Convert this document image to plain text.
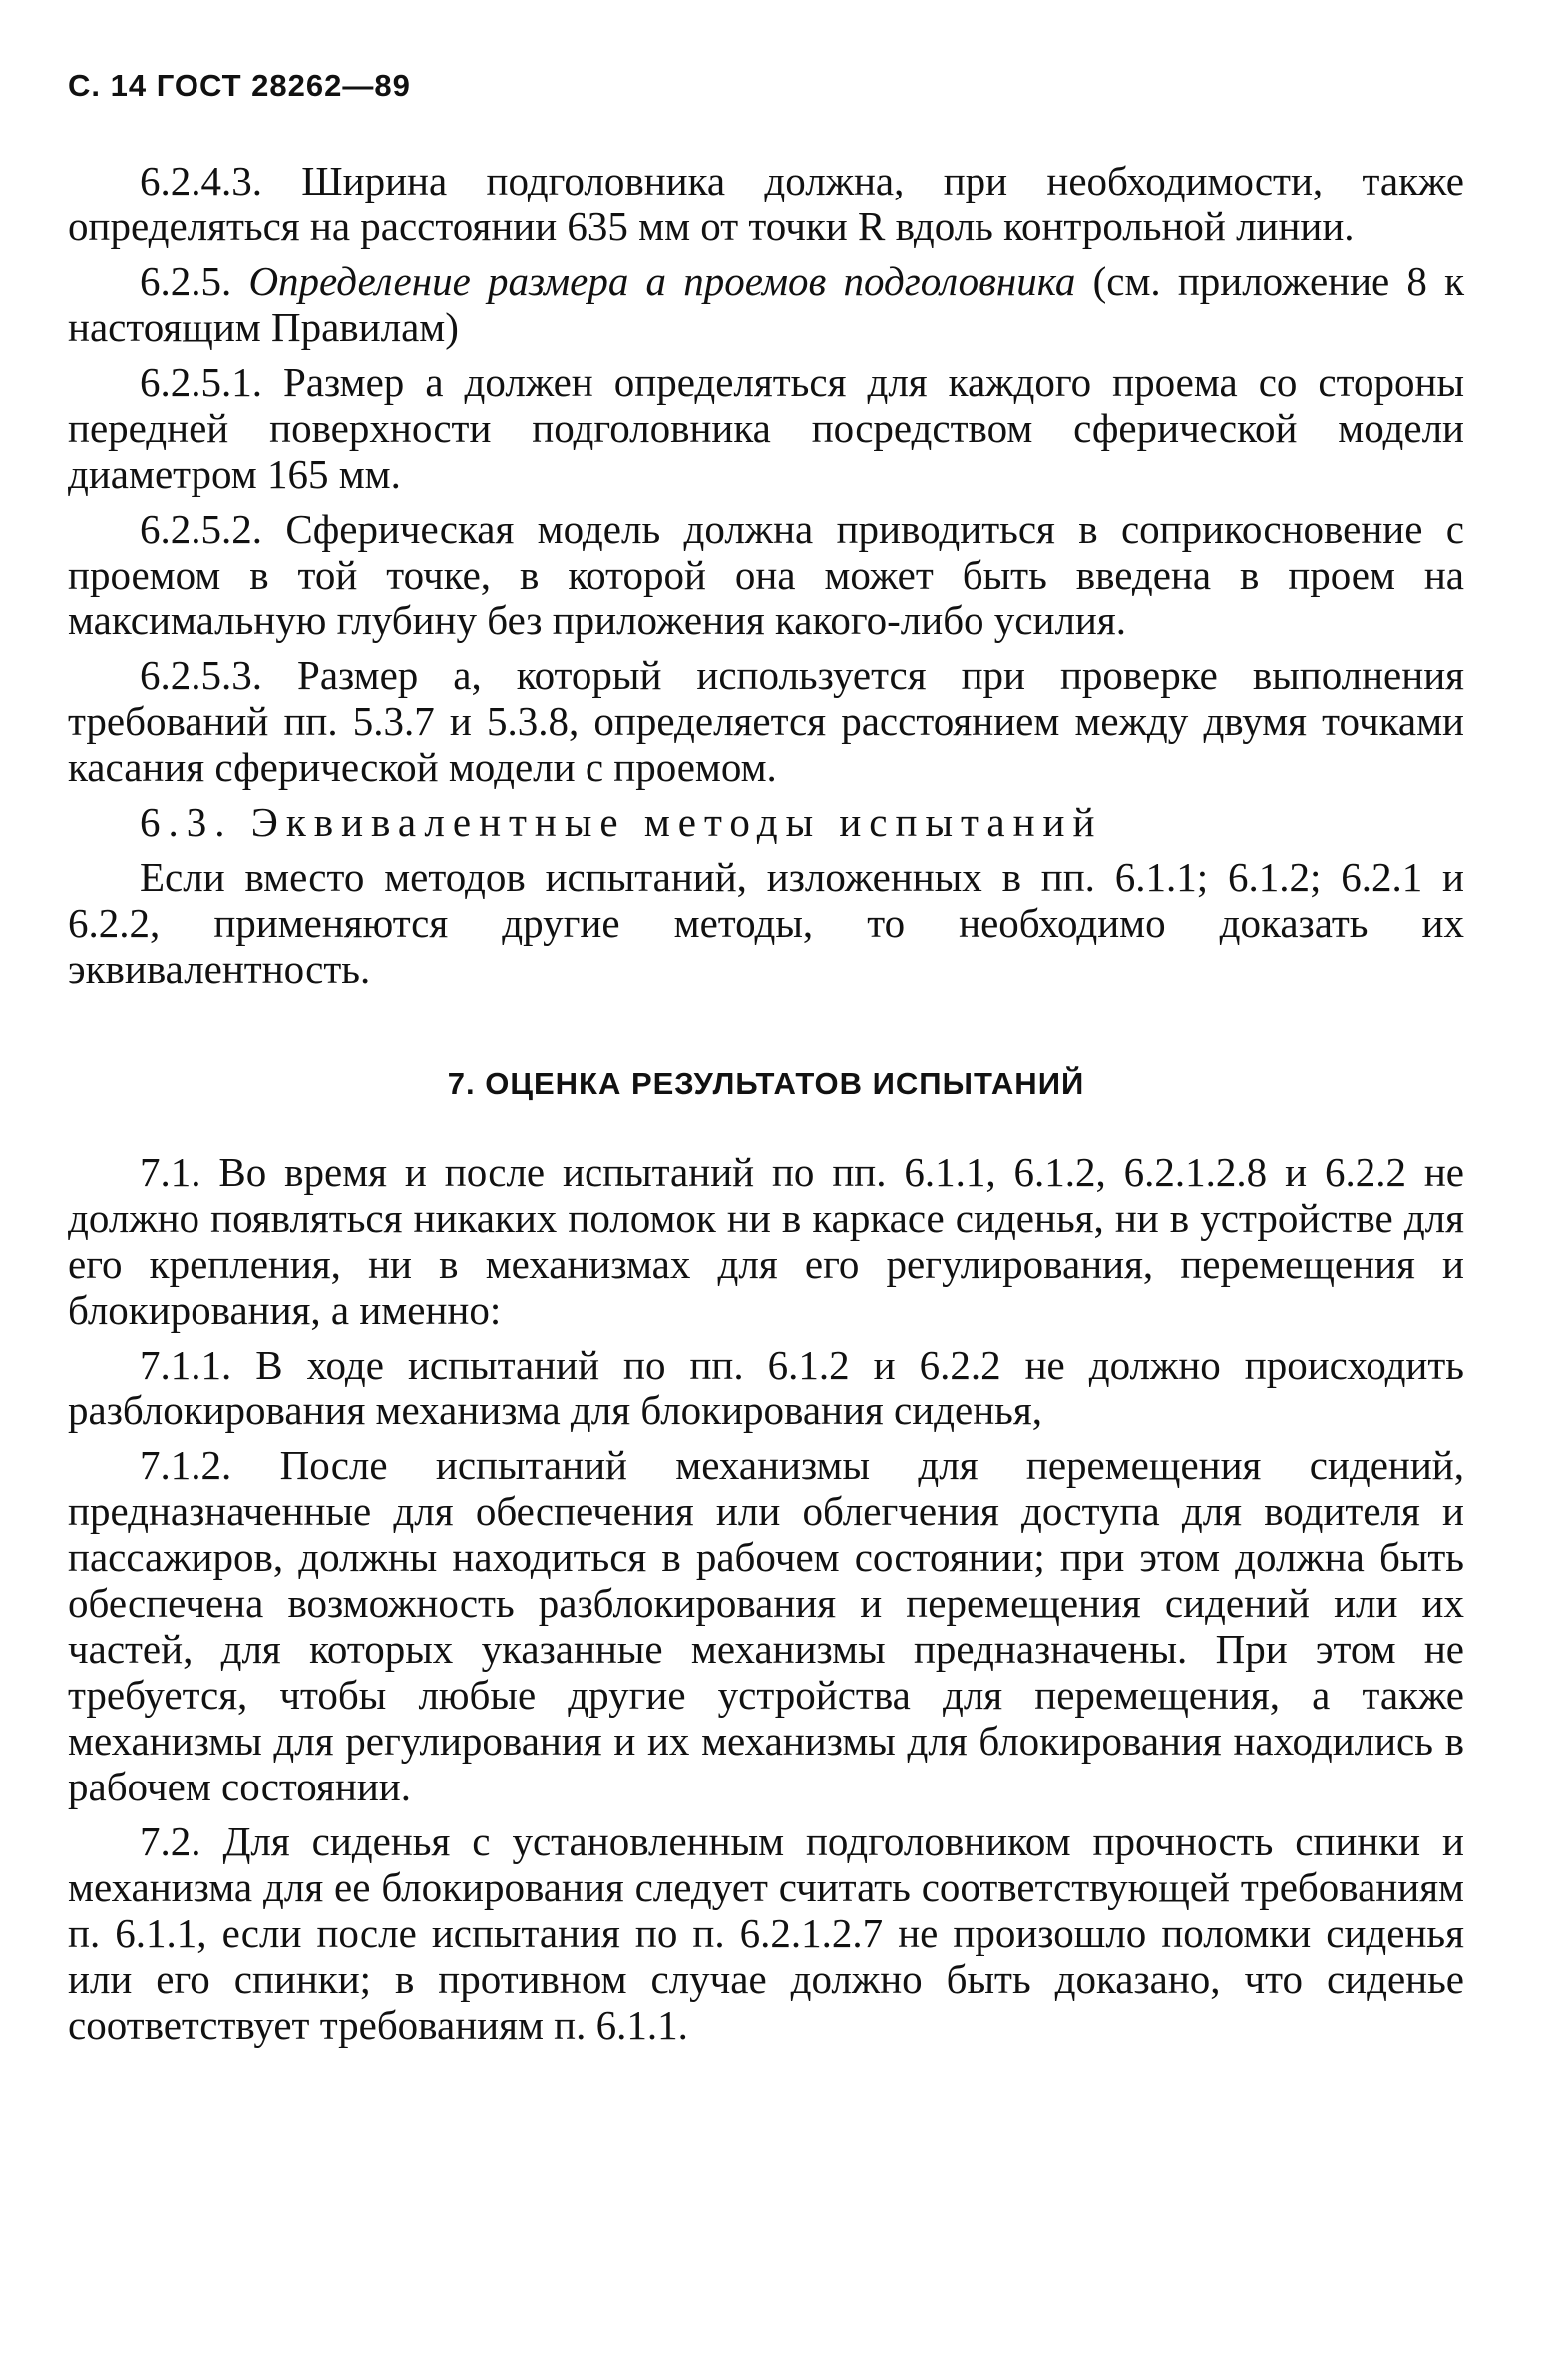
С. 14 ГОСТ 28262—89

6.2.4.3. Ширина подголовника должна, при необходимости, также определяться на расстоянии 635 мм от точки R вдоль контрольной линии.

6.2.5. Определение размера а проемов подголовника (см. приложение 8 к настоящим Правилам)

6.2.5.1. Размер а должен определяться для каждого проема со стороны передней поверхности подголовника посредством сферической модели диаметром 165 мм.

6.2.5.2. Сферическая модель должна приводиться в соприкосновение с проемом в той точке, в которой она может быть введена в проем на максимальную глубину без приложения какого-либо усилия.

6.2.5.3. Размер а, который используется при проверке выполнения требований пп. 5.3.7 и 5.3.8, определяется расстоянием между двумя точками касания сферической модели с проемом.

6.3. Эквивалентные методы испытаний

Если вместо методов испытаний, изложенных в пп. 6.1.1; 6.1.2; 6.2.1 и 6.2.2, применяются другие методы, то необходимо доказать их эквивалентность.

7. ОЦЕНКА РЕЗУЛЬТАТОВ ИСПЫТАНИЙ

7.1. Во время и после испытаний по пп. 6.1.1, 6.1.2, 6.2.1.2.8 и 6.2.2 не должно появляться никаких поломок ни в каркасе сиденья, ни в устройстве для его крепления, ни в механизмах для его регулирования, перемещения и блокирования, а именно:

7.1.1. В ходе испытаний по пп. 6.1.2 и 6.2.2 не должно происходить разблокирования механизма для блокирования сиденья,

7.1.2. После испытаний механизмы для перемещения сидений, предназначенные для обеспечения или облегчения доступа для водителя и пассажиров, должны находиться в рабочем состоянии; при этом должна быть обеспечена возможность разблокирования и перемещения сидений или их частей, для которых указанные механизмы предназначены. При этом не требуется, чтобы любые другие устройства для перемещения, а также механизмы для регулирования и их механизмы для блокирования находились в рабочем состоянии.

7.2. Для сиденья с установленным подголовником прочность спинки и механизма для ее блокирования следует считать соответствующей требованиям п. 6.1.1, если после испытания по п. 6.2.1.2.7 не произошло поломки сиденья или его спинки; в противном случае должно быть доказано, что сиденье соответствует требованиям п. 6.1.1.
